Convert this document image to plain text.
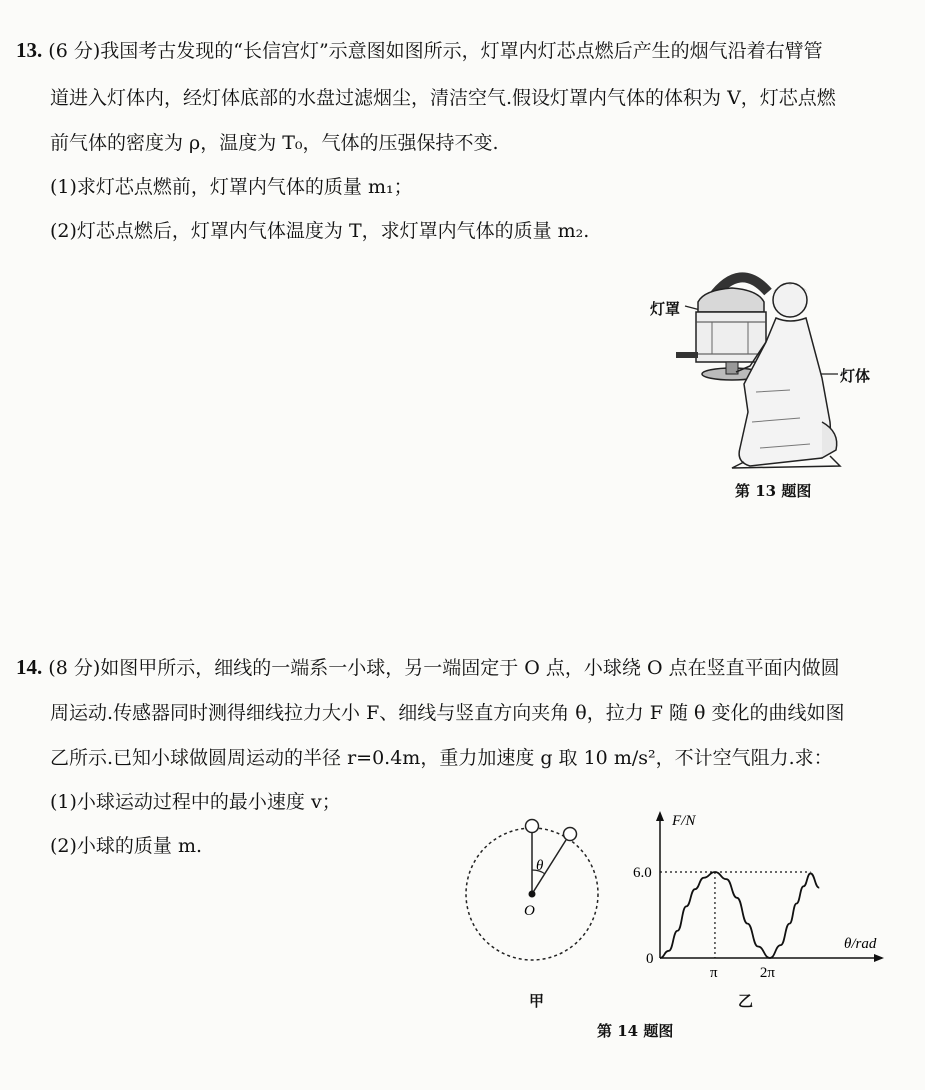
13. (6 分)我国考古发现的“长信宫灯”示意图如图所示，灯罩内灯芯点燃后产生的烟气沿着右臂管
道进入灯体内，经灯体底部的水盘过滤烟尘，清洁空气.假设灯罩内气体的体积为 V，灯芯点燃
前气体的密度为 ρ，温度为 T₀，气体的压强保持不变.
(1)求灯芯点燃前，灯罩内气体的质量 m₁；
(2)灯芯点燃后，灯罩内气体温度为 T，求灯罩内气体的质量 m₂.
灯罩
灯体
第 13 题图
14. (8 分)如图甲所示，细线的一端系一小球，另一端固定于 O 点，小球绕 O 点在竖直平面内做圆
周运动.传感器同时测得细线拉力大小 F、细线与竖直方向夹角 θ，拉力 F 随 θ 变化的曲线如图
乙所示.已知小球做圆周运动的半径 r=0.4m，重力加速度 g 取 10 m/s²，不计空气阻力.求：
(1)小球运动过程中的最小速度 v；
(2)小球的质量 m.
θ
O
甲
F/N
θ/rad
0
6.0
π	2π
乙
第 14 题图
